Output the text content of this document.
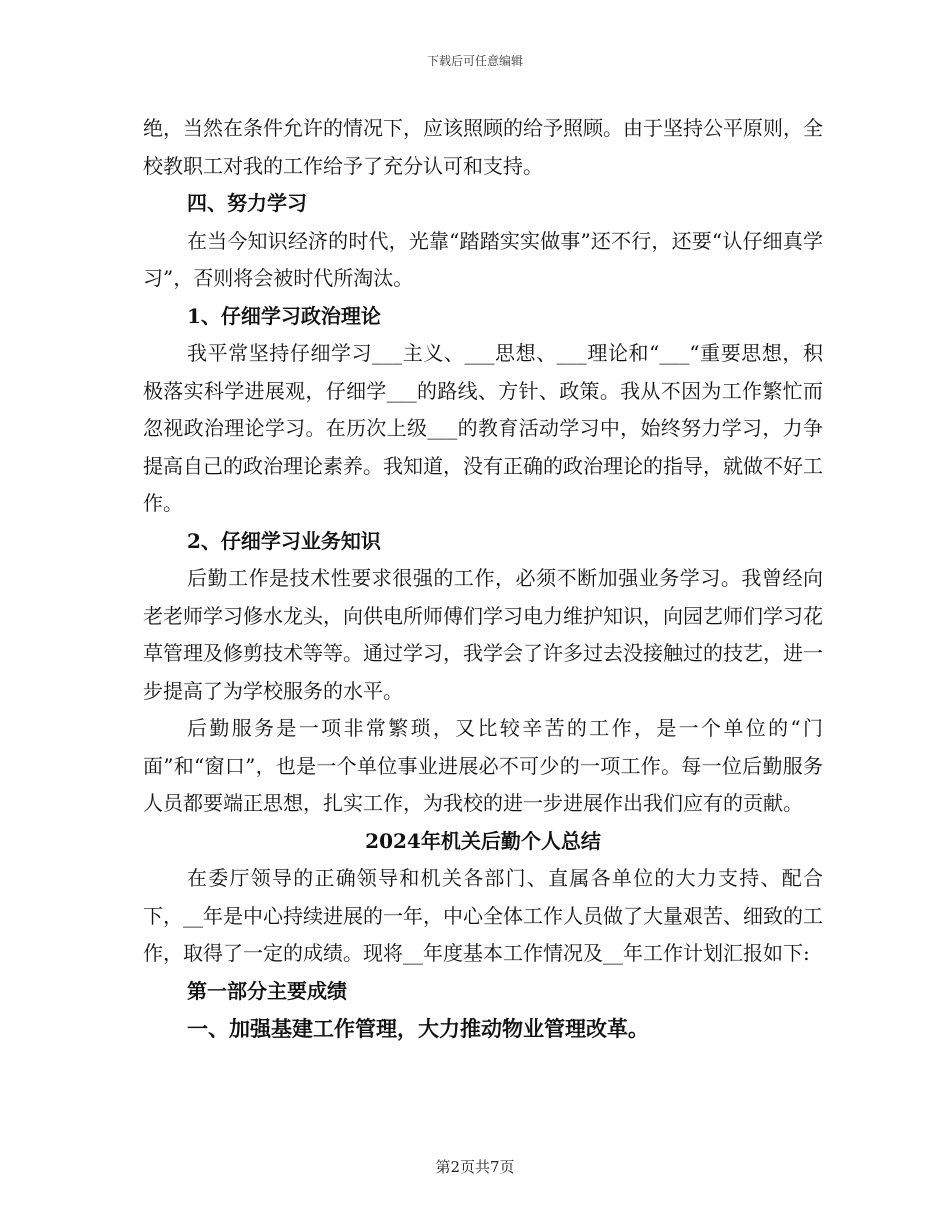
下载后可任意编辑

绝，当然在条件允许的情况下，应该照顾的给予照顾。由于坚持公平原则，全校教职工对我的工作给予了充分认可和支持。

四、努力学习

在当今知识经济的时代，光靠“踏踏实实做事”还不行，还要“认仔细真学习”，否则将会被时代所淘汰。

1、仔细学习政治理论

我平常坚持仔细学习___主义、___思想、___理论和“___“重要思想，积极落实科学进展观，仔细学___的路线、方针、政策。我从不因为工作繁忙而忽视政治理论学习。在历次上级___的教育活动学习中，始终努力学习，力争提高自己的政治理论素养。我知道，没有正确的政治理论的指导，就做不好工作。

2、仔细学习业务知识

后勤工作是技术性要求很强的工作，必须不断加强业务学习。我曾经向老老师学习修水龙头，向供电所师傅们学习电力维护知识，向园艺师们学习花草管理及修剪技术等等。通过学习，我学会了许多过去没接触过的技艺，进一步提高了为学校服务的水平。

后勤服务是一项非常繁琐，又比较辛苦的工作，是一个单位的“门面”和“窗口”，也是一个单位事业进展必不可少的一项工作。每一位后勤服务人员都要端正思想，扎实工作，为我校的进一步进展作出我们应有的贡献。

2024年机关后勤个人总结

在委厅领导的正确领导和机关各部门、直属各单位的大力支持、配合下，__年是中心持续进展的一年，中心全体工作人员做了大量艰苦、细致的工作，取得了一定的成绩。现将__年度基本工作情况及__年工作计划汇报如下:

第一部分主要成绩

一、加强基建工作管理，大力推动物业管理改革。

第2页共7页
